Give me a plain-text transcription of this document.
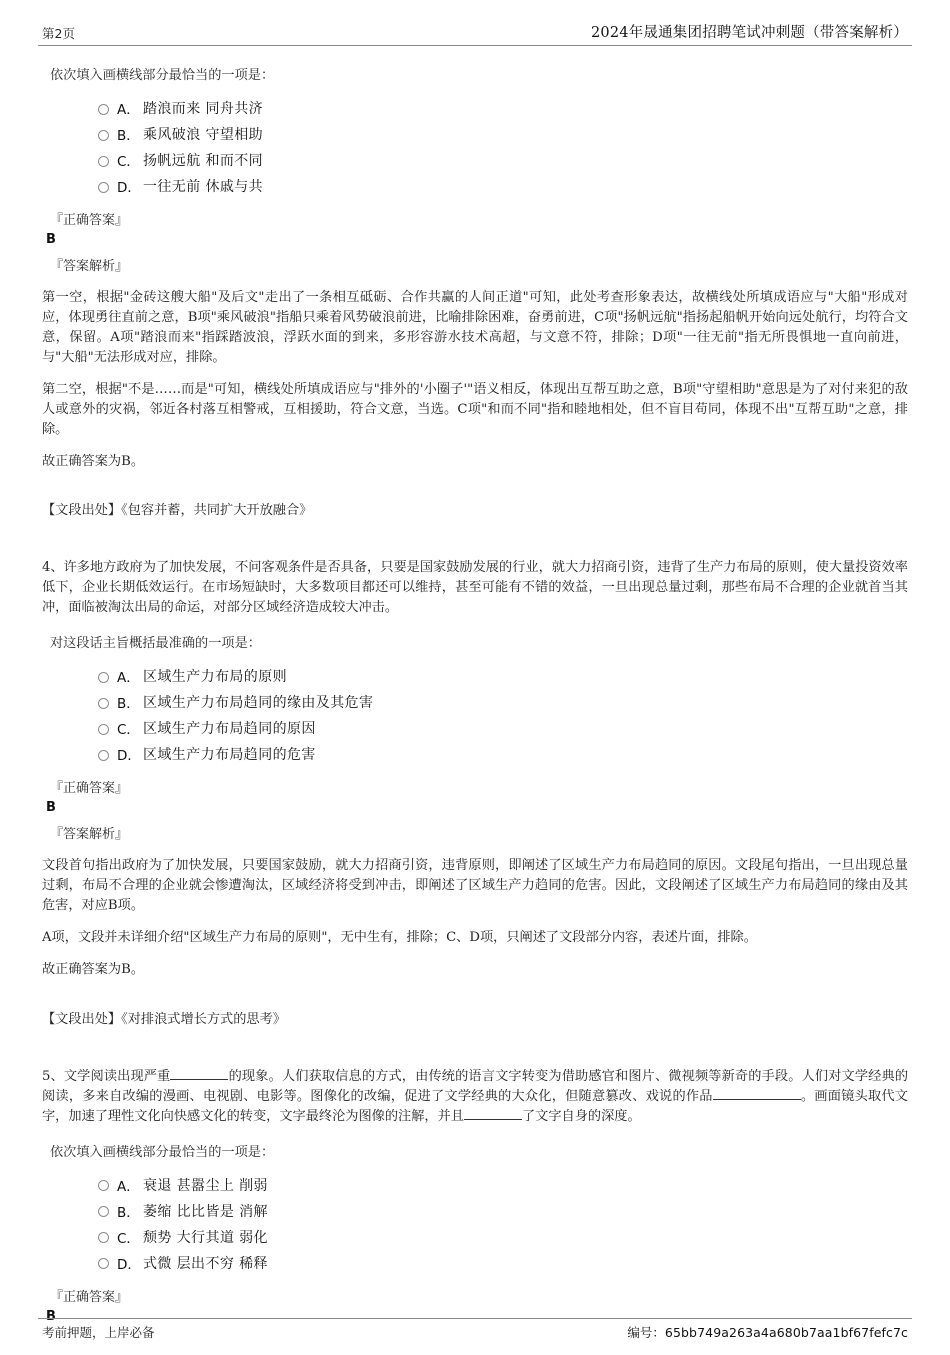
第2页	2024年晟通集团招聘笔试冲刺题（带答案解析）
依次填入画横线部分最恰当的一项是：
A． 踏浪而来 同舟共济
B． 乘风破浪 守望相助
C． 扬帆远航 和而不同
D． 一往无前 休戚与共
『正确答案』
B
『答案解析』

第一空，根据"金砖这艘大船"及后文"走出了一条相互砥砺、合作共赢的人间正道"可知，此处考查形象表达，故横线处所填成语应与"大船"形成对应，体现勇往直前之意，B项"乘风破浪"指船只乘着风势破浪前进，比喻排除困难，奋勇前进，C项"扬帆远航"指扬起船帆开始向远处航行，均符合文意，保留。A项"踏浪而来"指踩踏波浪，浮跃水面的到来，多形容游水技术高超，与文意不符，排除；D项"一往无前"指无所畏惧地一直向前进，与"大船"无法形成对应，排除。

第二空，根据"不是……而是"可知，横线处所填成语应与"排外的'小圈子'"语义相反，体现出互帮互助之意，B项"守望相助"意思是为了对付来犯的敌人或意外的灾祸，邻近各村落互相警戒，互相援助，符合文意，当选。C项"和而不同"指和睦地相处，但不盲目苟同，体现不出"互帮互助"之意，排除。

故正确答案为B。

【文段出处】《包容并蓄，共同扩大开放融合》

4、许多地方政府为了加快发展，不问客观条件是否具备，只要是国家鼓励发展的行业，就大力招商引资，违背了生产力布局的原则，使大量投资效率低下，企业长期低效运行。在市场短缺时，大多数项目都还可以维持，甚至可能有不错的效益，一旦出现总量过剩，那些布局不合理的企业就首当其冲，面临被淘汰出局的命运，对部分区域经济造成较大冲击。

对这段话主旨概括最准确的一项是：
A． 区域生产力布局的原则
B． 区域生产力布局趋同的缘由及其危害
C． 区域生产力布局趋同的原因
D． 区域生产力布局趋同的危害
『正确答案』
B
『答案解析』

文段首句指出政府为了加快发展，只要国家鼓励，就大力招商引资，违背原则，即阐述了区域生产力布局趋同的原因。文段尾句指出，一旦出现总量过剩，布局不合理的企业就会惨遭淘汰，区域经济将受到冲击，即阐述了区域生产力趋同的危害。因此，文段阐述了区域生产力布局趋同的缘由及其危害，对应B项。

A项，文段并未详细介绍"区域生产力布局的原则"，无中生有，排除；C、D项，只阐述了文段部分内容，表述片面，排除。

故正确答案为B。

【文段出处】《对排浪式增长方式的思考》

5、文学阅读出现严重	的现象。人们获取信息的方式，由传统的语言文字转变为借助感官和图片、微视频等新奇的手段。人们对文学经典的阅读，多来自改编的漫画、电视剧、电影等。图像化的改编，促进了文学经典的大众化，但随意篡改、戏说的作品	。画面镜头取代文字，加速了理性文化向快感文化的转变，文字最终沦为图像的注解，并且	了文字自身的深度。

依次填入画横线部分最恰当的一项是：
A． 衰退 甚嚣尘上 削弱
B． 萎缩 比比皆是 消解
C． 颓势 大行其道 弱化
D． 式微 层出不穷 稀释
『正确答案』
B
考前押题，上岸必备	编号：65bb749a263a4a680b7aa1bf67fefc7c
